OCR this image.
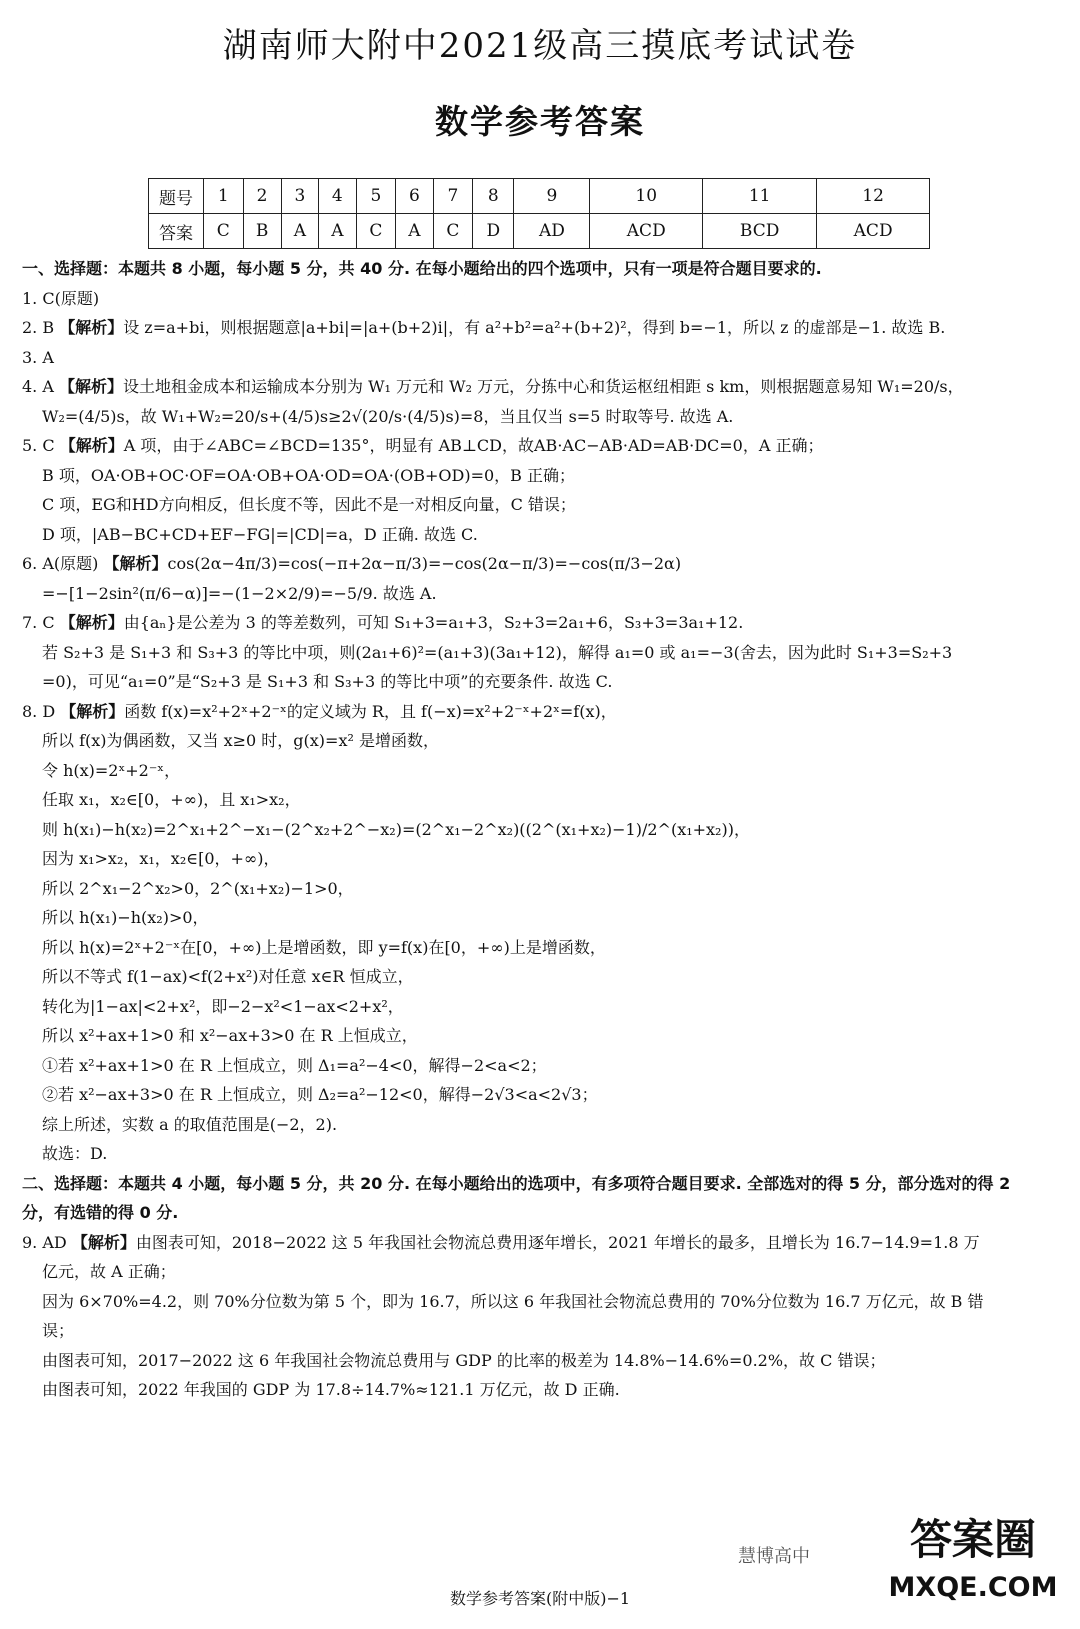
湖南师大附中2021级高三摸底考试试卷
数学参考答案
题号	1	2	3	4	5	6	7	8	9	10	11	12
答案	C	B	A	A	C	A	C	D	AD	ACD	BCD	ACD
一、选择题：本题共 8 小题，每小题 5 分，共 40 分. 在每小题给出的四个选项中，只有一项是符合题目要求的.
1. C(原题)
2. B 【解析】设 z=a+bi，则根据题意|a+bi|=|a+(b+2)i|，有 a²+b²=a²+(b+2)²，得到 b=−1，所以 z 的虚部是−1. 故选 B.
3. A
4. A 【解析】设土地租金成本和运输成本分别为 W₁ 万元和 W₂ 万元，分拣中心和货运枢纽相距 s km，则根据题意易知 W₁=20/s，
W₂=(4/5)s，故 W₁+W₂=20/s+(4/5)s≥2√(20/s·(4/5)s)=8，当且仅当 s=5 时取等号. 故选 A.
5. C 【解析】A 项，由于∠ABC=∠BCD=135°，明显有 AB⊥CD，故AB·AC−AB·AD=AB·DC=0，A 正确；
B 项，OA·OB+OC·OF=OA·OB+OA·OD=OA·(OB+OD)=0，B 正确；
C 项，EG和HD方向相反，但长度不等，因此不是一对相反向量，C 错误；
D 项，|AB−BC+CD+EF−FG|=|CD|=a，D 正确. 故选 C.
6. A(原题) 【解析】cos(2α−4π/3)=cos(−π+2α−π/3)=−cos(2α−π/3)=−cos(π/3−2α)
=−[1−2sin²(π/6−α)]=−(1−2×2/9)=−5/9. 故选 A.
7. C 【解析】由{aₙ}是公差为 3 的等差数列，可知 S₁+3=a₁+3，S₂+3=2a₁+6，S₃+3=3a₁+12.
若 S₂+3 是 S₁+3 和 S₃+3 的等比中项，则(2a₁+6)²=(a₁+3)(3a₁+12)，解得 a₁=0 或 a₁=−3(舍去，因为此时 S₁+3=S₂+3
=0)，可见“a₁=0”是“S₂+3 是 S₁+3 和 S₃+3 的等比中项”的充要条件. 故选 C.
8. D 【解析】函数 f(x)=x²+2ˣ+2⁻ˣ的定义域为 R，且 f(−x)=x²+2⁻ˣ+2ˣ=f(x)，
所以 f(x)为偶函数，又当 x≥0 时，g(x)=x² 是增函数，
令 h(x)=2ˣ+2⁻ˣ，
任取 x₁，x₂∈[0，+∞)，且 x₁>x₂，
则 h(x₁)−h(x₂)=2^x₁+2^−x₁−(2^x₂+2^−x₂)=(2^x₁−2^x₂)((2^(x₁+x₂)−1)/2^(x₁+x₂))，
因为 x₁>x₂，x₁，x₂∈[0，+∞)，
所以 2^x₁−2^x₂>0，2^(x₁+x₂)−1>0，
所以 h(x₁)−h(x₂)>0，
所以 h(x)=2ˣ+2⁻ˣ在[0，+∞)上是增函数，即 y=f(x)在[0，+∞)上是增函数，
所以不等式 f(1−ax)<f(2+x²)对任意 x∈R 恒成立，
转化为|1−ax|<2+x²，即−2−x²<1−ax<2+x²，
所以 x²+ax+1>0 和 x²−ax+3>0 在 R 上恒成立，
①若 x²+ax+1>0 在 R 上恒成立，则 Δ₁=a²−4<0，解得−2<a<2；
②若 x²−ax+3>0 在 R 上恒成立，则 Δ₂=a²−12<0，解得−2√3<a<2√3；
综上所述，实数 a 的取值范围是(−2，2).
故选：D.
二、选择题：本题共 4 小题，每小题 5 分，共 20 分. 在每小题给出的选项中，有多项符合题目要求. 全部选对的得 5 分，部分选对的得 2
分，有选错的得 0 分.
9. AD 【解析】由图表可知，2018−2022 这 5 年我国社会物流总费用逐年增长，2021 年增长的最多，且增长为 16.7−14.9=1.8 万
亿元，故 A 正确；
因为 6×70%=4.2，则 70%分位数为第 5 个，即为 16.7，所以这 6 年我国社会物流总费用的 70%分位数为 16.7 万亿元，故 B 错
误；
由图表可知，2017−2022 这 6 年我国社会物流总费用与 GDP 的比率的极差为 14.8%−14.6%=0.2%，故 C 错误；
由图表可知，2022 年我国的 GDP 为 17.8÷14.7%≈121.1 万亿元，故 D 正确.
慧博高中 答案圈
MXQE.COM
数学参考答案(附中版)−1
